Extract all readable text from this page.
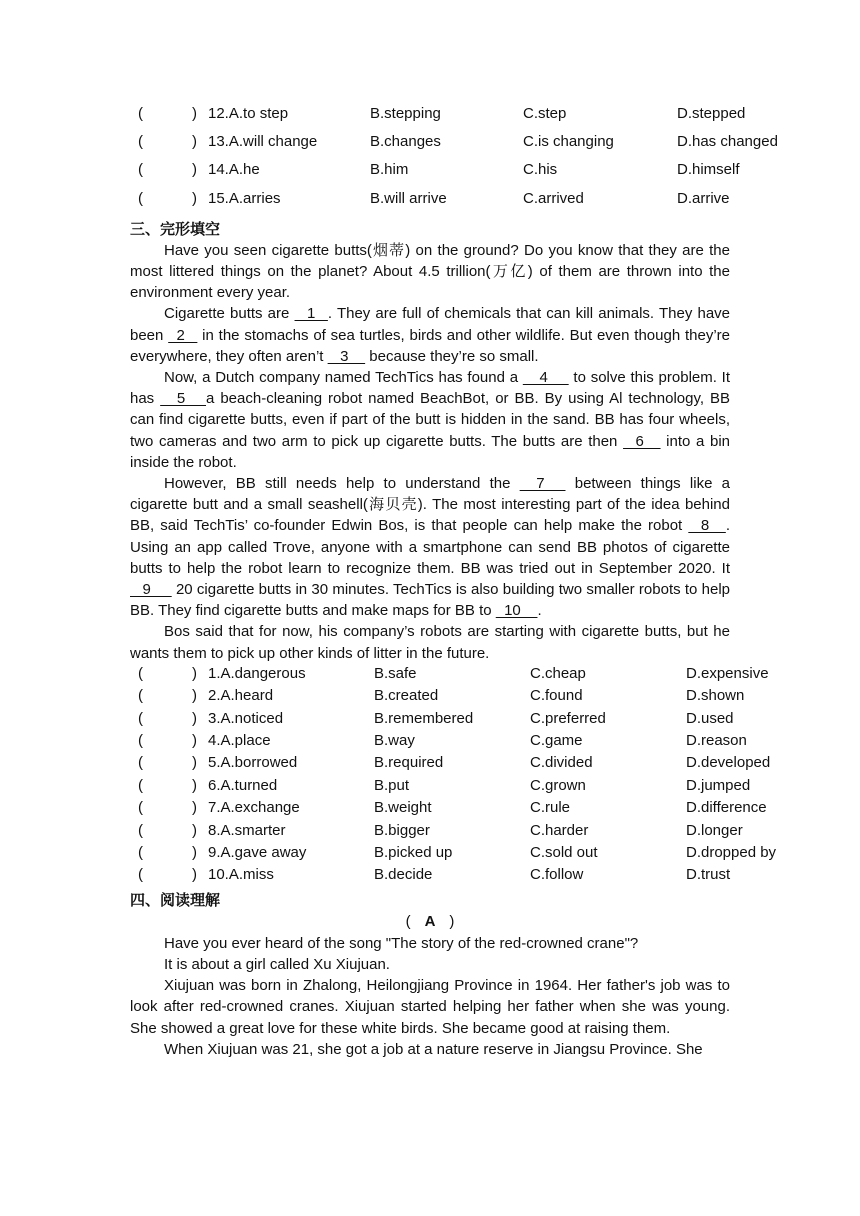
(	) 12.A.to step	B.stepping	C.step	D.stepped
(	) 13.A.will change	B.changes	C.is changing	D.has changed
(	) 14.A.he	B.him	C.his	D.himself
(	) 15.A.arries	B.will arrive	C.arrived	D.arrive
三、完形填空

Have you seen cigarette butts(烟蒂) on the ground? Do you know that they are the most littered things on the planet? About 4.5 trillion(万亿) of them are thrown into the environment every year.

Cigarette butts are    1   . They are full of chemicals that can kill animals. They have been   2    in the stomachs of sea turtles, birds and other wildlife. But even though they’re everywhere, they often aren’t    3     because they’re so small.

Now, a Dutch company named TechTics has found a     4      to solve this problem. It has     5     a beach-cleaning robot named BeachBot, or BB. By using Al technology, BB can find cigarette butts, even if part of the butt is hidden in the sand. BB has four wheels, two cameras and two arm to pick up cigarette butts. The butts are then    6     into a bin inside the robot.

However, BB still needs help to understand the     7      between things like a cigarette butt and a small seashell(海贝壳). The most interesting part of the idea behind BB, said TechTis’ co-founder Edwin Bos, is that people can help make the robot    8    . Using an app called Trove, anyone with a smartphone can send BB photos of cigarette butts to help the robot learn to recognize them. BB was tried out in September 2020. It    9      20 cigarette butts in 30 minutes. TechTics is also building two smaller robots to help BB. They find cigarette butts and make maps for BB to   10    .

Bos said that for now, his company’s robots are starting with cigarette butts, but he wants them to pick up other kinds of litter in the future.

(	) 1.A.dangerous	B.safe	C.cheap	D.expensive
(	) 2.A.heard	B.created	C.found	D.shown
(	) 3.A.noticed	B.remembered	C.preferred	D.used
(	) 4.A.place	B.way	C.game	D.reason
(	) 5.A.borrowed	B.required	C.divided	D.developed
(	) 6.A.turned	B.put	C.grown	D.jumped
(	) 7.A.exchange	B.weight	C.rule	D.difference
(	) 8.A.smarter	B.bigger	C.harder	D.longer
(	) 9.A.gave away	B.picked up	C.sold out	D.dropped by
(	) 10.A.miss	B.decide	C.follow	D.trust
四、阅读理解
( A )

Have you ever heard of the song "The story of the red-crowned crane"?

It is about a girl called Xu Xiujuan.

Xiujuan was born in Zhalong, Heilongjiang Province in 1964. Her father's job was to look after red-crowned cranes. Xiujuan started helping her father when she was young. She showed a great love for these white birds. She became good at raising them.

When Xiujuan was 21, she got a job at a nature reserve in Jiangsu Province. She
